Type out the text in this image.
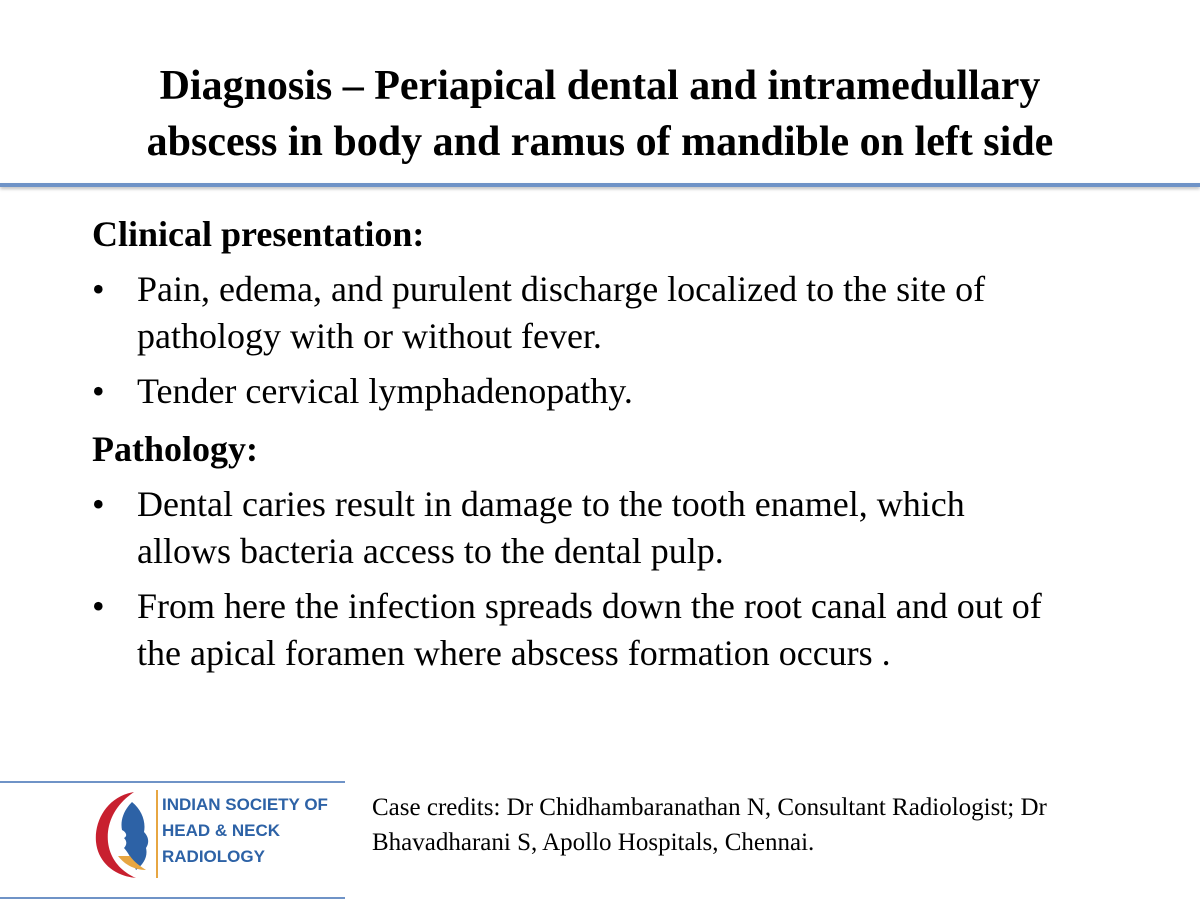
Diagnosis – Periapical dental and intramedullary
abscess in body and ramus of mandible on left side
Clinical presentation:
• Pain, edema, and purulent discharge localized to the site of
pathology with or without fever.
• Tender cervical lymphadenopathy.
Pathology:
• Dental caries result in damage to the tooth enamel, which
allows bacteria access to the dental pulp.
• From here the infection spreads down the root canal and out of
the apical foramen where abscess formation occurs .
INDIAN SOCIETY OF
HEAD & NECK
RADIOLOGY
Case credits: Dr Chidhambaranathan N, Consultant Radiologist; Dr
Bhavadharani S, Apollo Hospitals, Chennai.
